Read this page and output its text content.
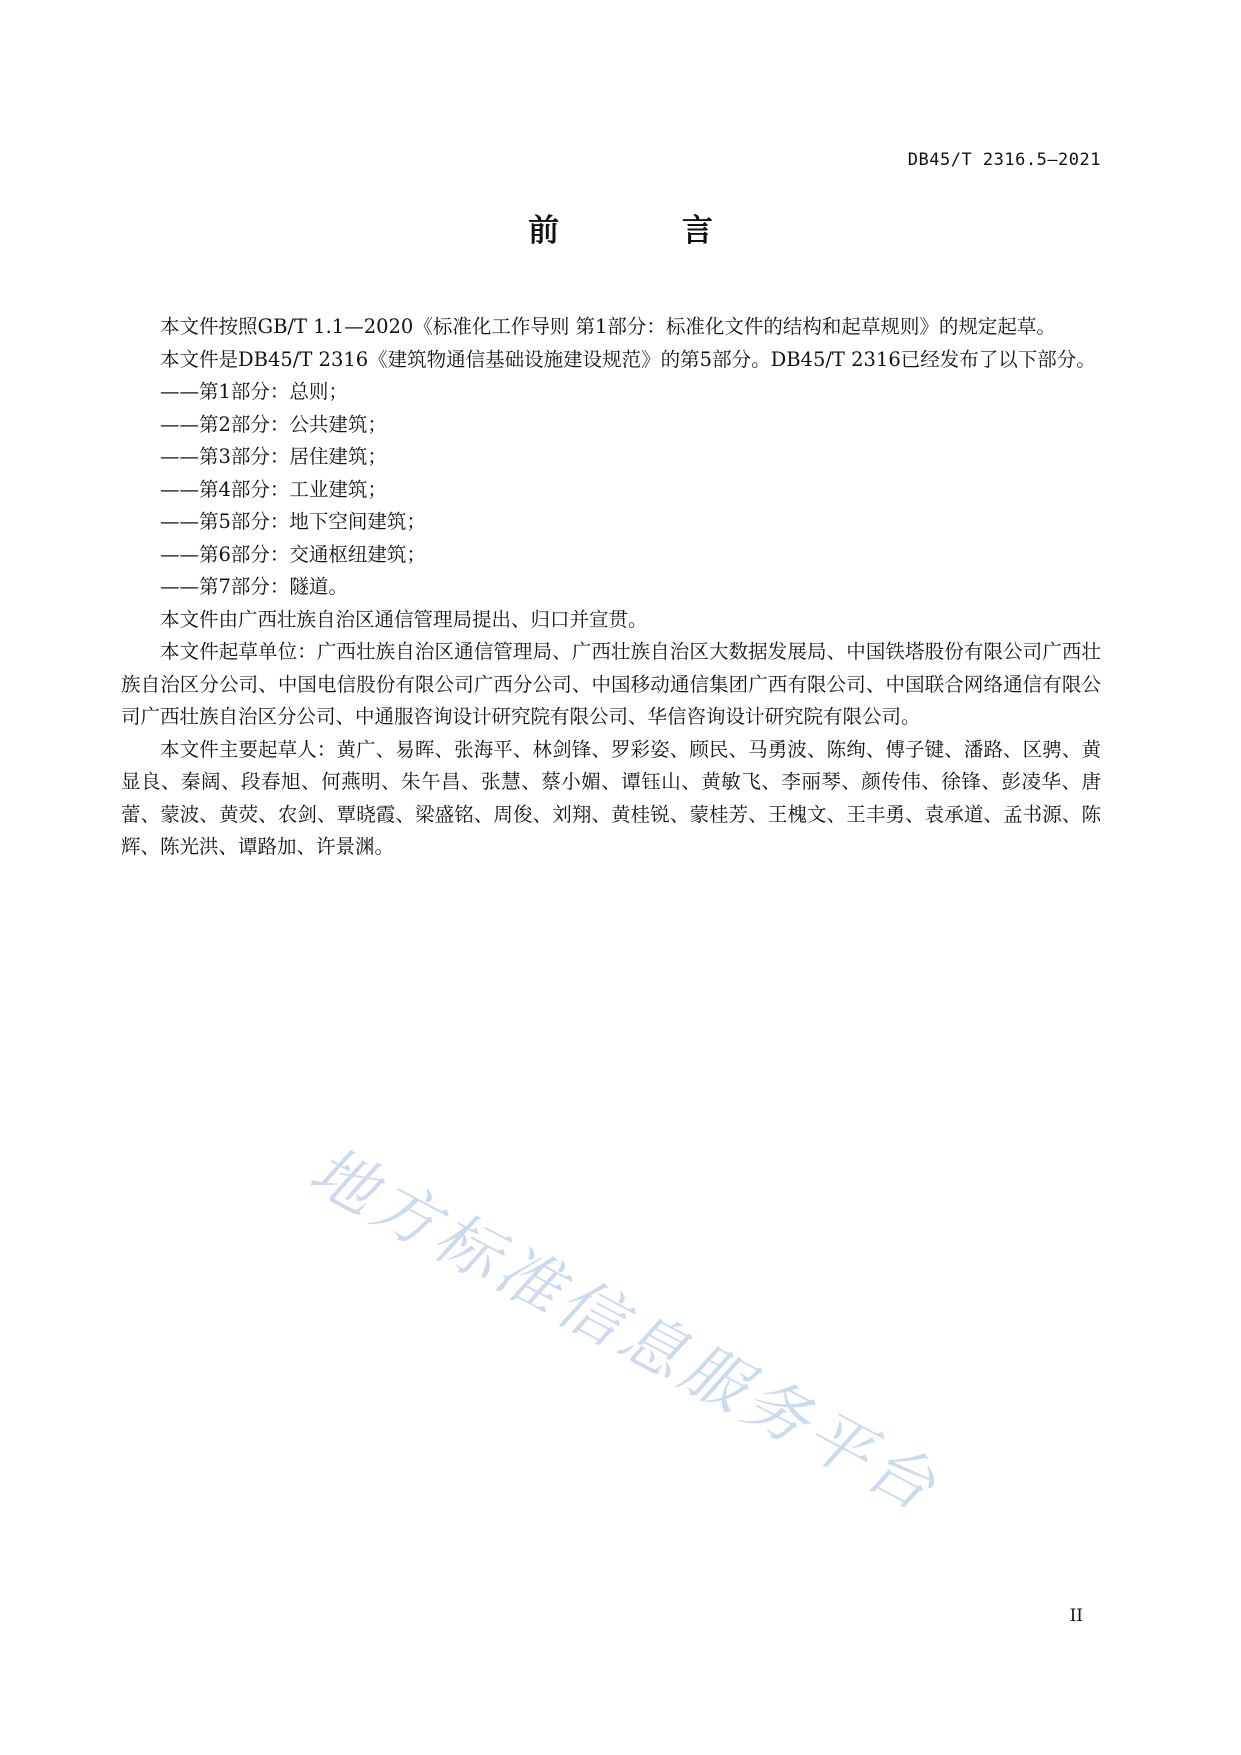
DB45/T 2316.5—2021
前 言

本文件按照GB/T 1.1—2020《标准化工作导则 第1部分：标准化文件的结构和起草规则》的规定起草。

本文件是DB45/T 2316《建筑物通信基础设施建设规范》的第5部分。DB45/T 2316已经发布了以下部分。

——第1部分：总则；

——第2部分：公共建筑；

——第3部分：居住建筑；

——第4部分：工业建筑；

——第5部分：地下空间建筑；

——第6部分：交通枢纽建筑；

——第7部分：隧道。

本文件由广西壮族自治区通信管理局提出、归口并宣贯。

本文件起草单位：广西壮族自治区通信管理局、广西壮族自治区大数据发展局、中国铁塔股份有限公司广西壮族自治区分公司、中国电信股份有限公司广西分公司、中国移动通信集团广西有限公司、中国联合网络通信有限公司广西壮族自治区分公司、中通服咨询设计研究院有限公司、华信咨询设计研究院有限公司。

本文件主要起草人：黄广、易晖、张海平、林剑锋、罗彩姿、顾民、马勇波、陈绚、傅子键、潘路、区骋、黄显良、秦阔、段春旭、何燕明、朱午昌、张慧、蔡小媚、谭钰山、黄敏飞、李丽琴、颜传伟、徐锋、彭凌华、唐蕾、蒙波、黄荧、农剑、覃晓霞、梁盛铭、周俊、刘翔、黄桂锐、蒙桂芳、王槐文、王丰勇、袁承道、孟书源、陈辉、陈光洪、谭路加、许景渊。

地方标准信息服务平台
II
